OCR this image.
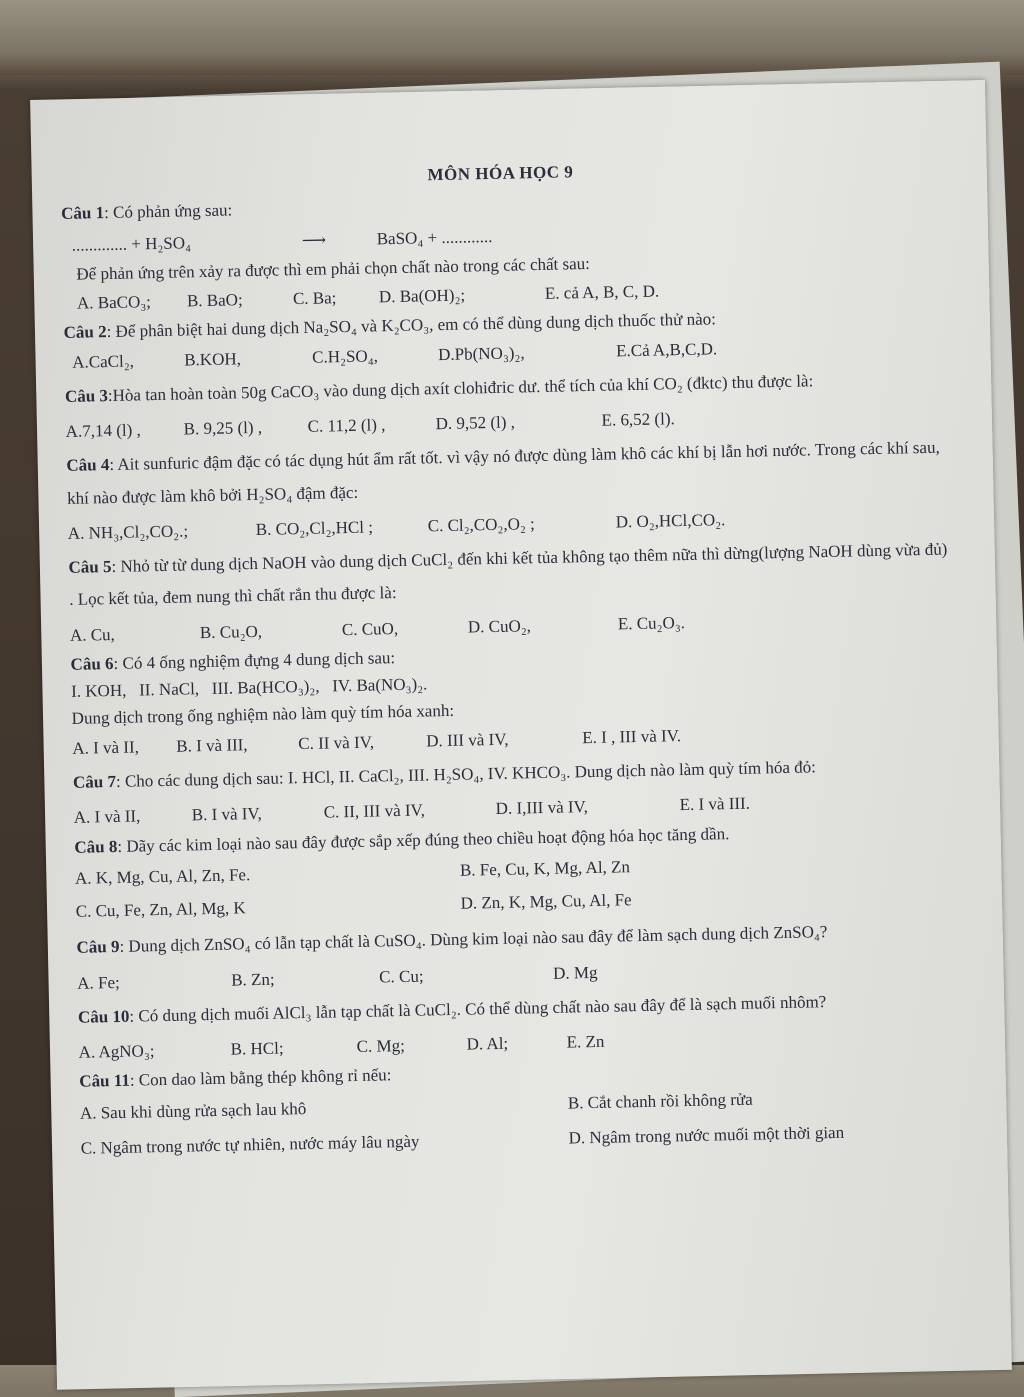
MÔN HÓA HỌC 9
Câu 1: Có phản ứng sau:
............. + H₂SO₄	⟶	BaSO₄ + ............
Để phản ứng trên xảy ra được thì em phải chọn chất nào trong các chất sau:
A. BaCO₃;	B. BaO;	C. Ba;	D. Ba(OH)₂;	E. cả A, B, C, D.
Câu 2: Để phân biệt hai dung dịch Na₂SO₄ và K₂CO₃, em có thể dùng dung dịch thuốc thử nào:
A.CaCl₂,	B.KOH,	C.H₂SO₄,	D.Pb(NO₃)₂,	E.Cả A,B,C,D.
Câu 3:Hòa tan hoàn toàn 50g CaCO₃ vào dung dịch axít clohiđric dư. thể tích của khí CO₂ (đktc) thu được là:
A.7,14 (l) ,	B. 9,25 (l) ,	C. 11,2 (l) ,	D. 9,52 (l) ,	E. 6,52 (l).
Câu 4: Ait sunfuric đậm đặc có tác dụng hút ẩm rất tốt. vì vậy nó được dùng làm khô các khí bị lẫn hơi nước. Trong các khí sau, khí nào được làm khô bởi H₂SO₄ đậm đặc:
A. NH₃,Cl₂,CO₂.;	B. CO₂,Cl₂,HCl ;	C. Cl₂,CO₂,O₂ ;	D. O₂,HCl,CO₂.
Câu 5: Nhỏ từ từ dung dịch NaOH vào dung dịch CuCl₂ đến khi kết tủa không tạo thêm nữa thì dừng(lượng NaOH dùng vừa đủ) . Lọc kết tủa, đem nung thì chất rắn thu được là:
A. Cu,	B. Cu₂O,	C. CuO,	D. CuO₂,	E. Cu₂O₃.
Câu 6: Có 4 ống nghiệm đựng 4 dung dịch sau:
I. KOH,   II. NaCl,   III. Ba(HCO₃)₂,   IV. Ba(NO₃)₂.
Dung dịch trong ống nghiệm nào làm quỳ tím hóa xanh:
A. I và II,	B. I và III,	C. II và IV,	D. III và IV,	E. I , III và IV.
Câu 7: Cho các dung dịch sau: I. HCl, II. CaCl₂, III. H₂SO₄, IV. KHCO₃. Dung dịch nào làm quỳ tím hóa đỏ:
A. I và II,	B. I và IV,	C. II, III và IV,	D. I,III và IV,	E. I và III.
Câu 8: Dãy các kim loại nào sau đây được sắp xếp đúng theo chiều hoạt động hóa học tăng dần.
A. K, Mg, Cu, Al, Zn, Fe.	B. Fe, Cu, K, Mg, Al, Zn
C. Cu, Fe, Zn, Al, Mg, K	D. Zn, K, Mg, Cu, Al, Fe
Câu 9: Dung dịch ZnSO₄ có lẫn tạp chất là CuSO₄. Dùng kim loại nào sau đây để làm sạch dung dịch ZnSO₄?
A. Fe;	B. Zn;	C. Cu;	D. Mg
Câu 10: Có dung dịch muối AlCl₃ lẫn tạp chất là CuCl₂. Có thể dùng chất nào sau đây để là sạch muối nhôm?
A. AgNO₃;	B. HCl;	C. Mg;	D. Al;	E. Zn
Câu 11: Con dao làm bằng thép không rỉ nếu:
A. Sau khi dùng rửa sạch lau khô	B. Cắt chanh rồi không rửa
C. Ngâm trong nước tự nhiên, nước máy lâu ngày	D. Ngâm trong nước muối một thời gian
